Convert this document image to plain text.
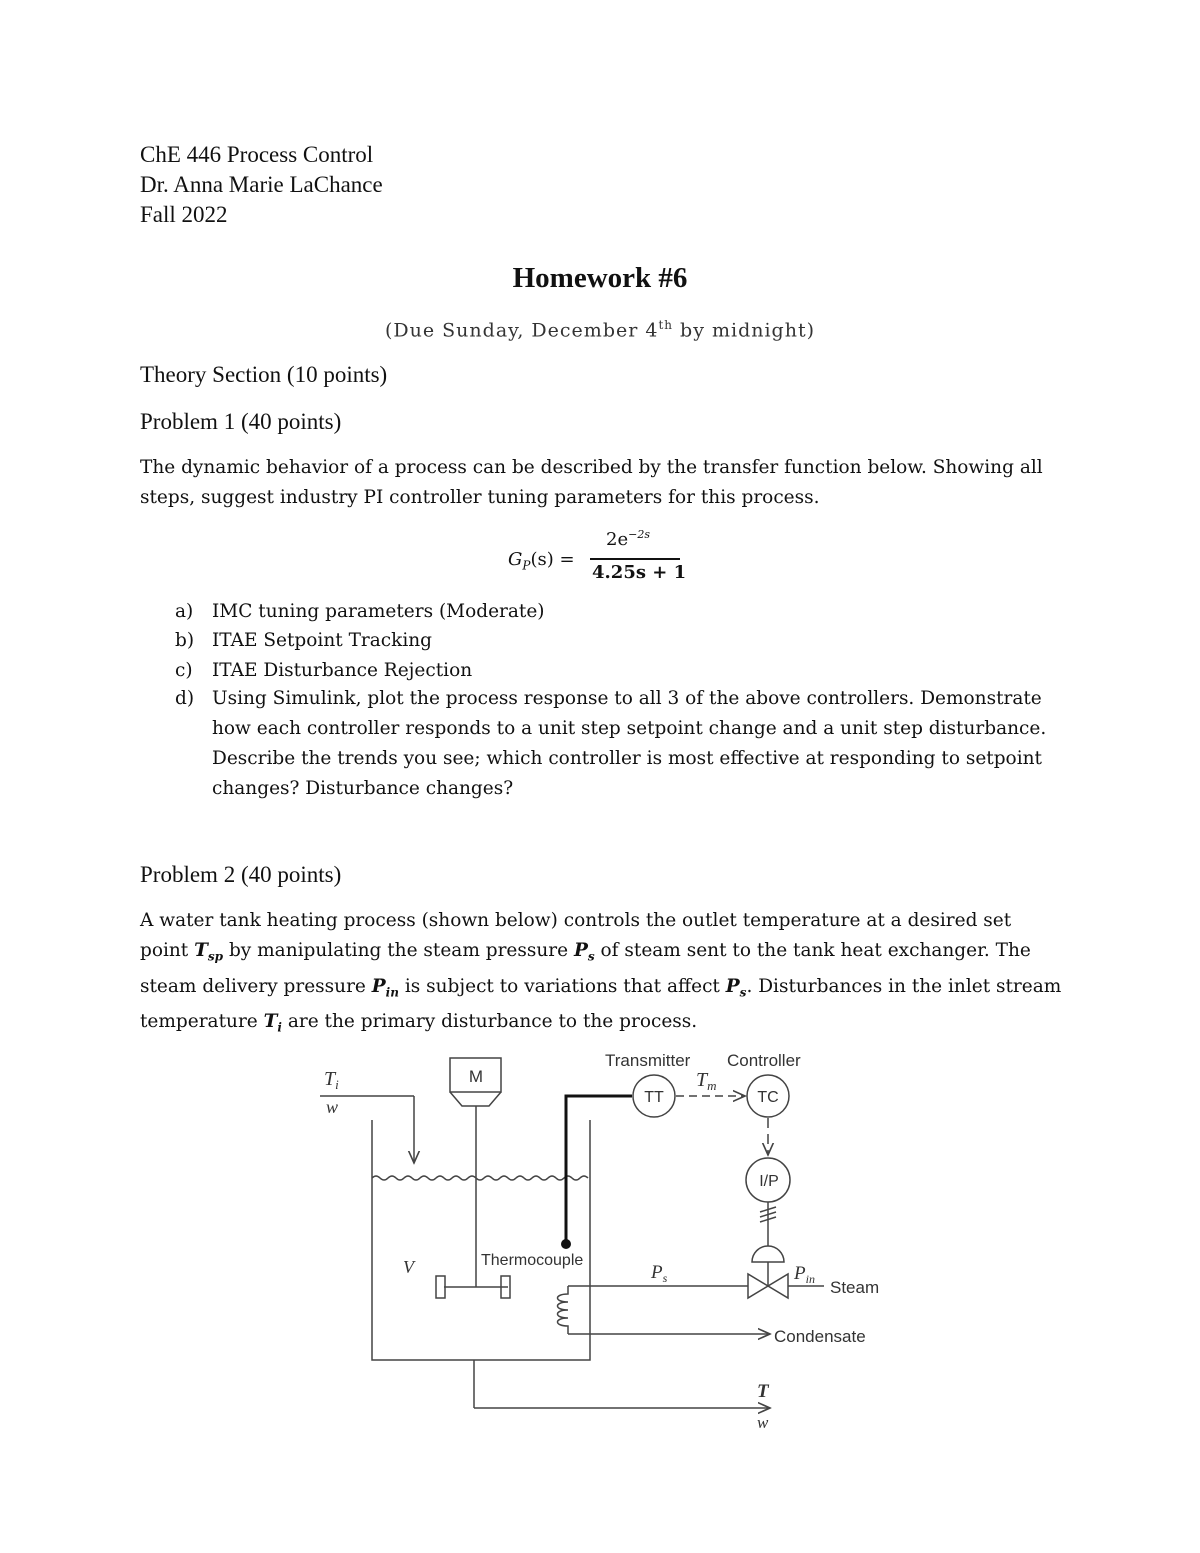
ChE 446 Process Control
Dr. Anna Marie LaChance
Fall 2022
Homework #6
(Due Sunday, December 4th by midnight)
Theory Section (10 points)
Problem 1 (40 points)
The dynamic behavior of a process can be described by the transfer function below. Showing all
steps, suggest industry PI controller tuning parameters for this process.
$G_P(s)$ =
$2e^{-2s}$
4.25s + 1
a) IMC tuning parameters (Moderate)
b) ITAE Setpoint Tracking
c) ITAE Disturbance Rejection
d) Using Simulink, plot the process response to all 3 of the above controllers. Demonstrate how each controller responds to a unit step setpoint change and a unit step disturbance. Describe the trends you see; which controller is most effective at responding to setpoint changes? Disturbance changes?
Problem 2 (40 points)
A water tank heating process (shown below) controls the outlet temperature at a desired set
point $T_{sp}$ by manipulating the steam pressure $P_s$ of steam sent to the tank heat exchanger. The
steam delivery pressure $P_{in}$ is subject to variations that affect $P_s$. Disturbances in the inlet stream
temperature $T_i$ are the primary disturbance to the process.
M
Transmitter Controller
TT	TC
I/P
$T_m$
$T_i$
w
V	Thermocouple
$P_s$	$P_{in}$ Steam
Condensate
T
w
